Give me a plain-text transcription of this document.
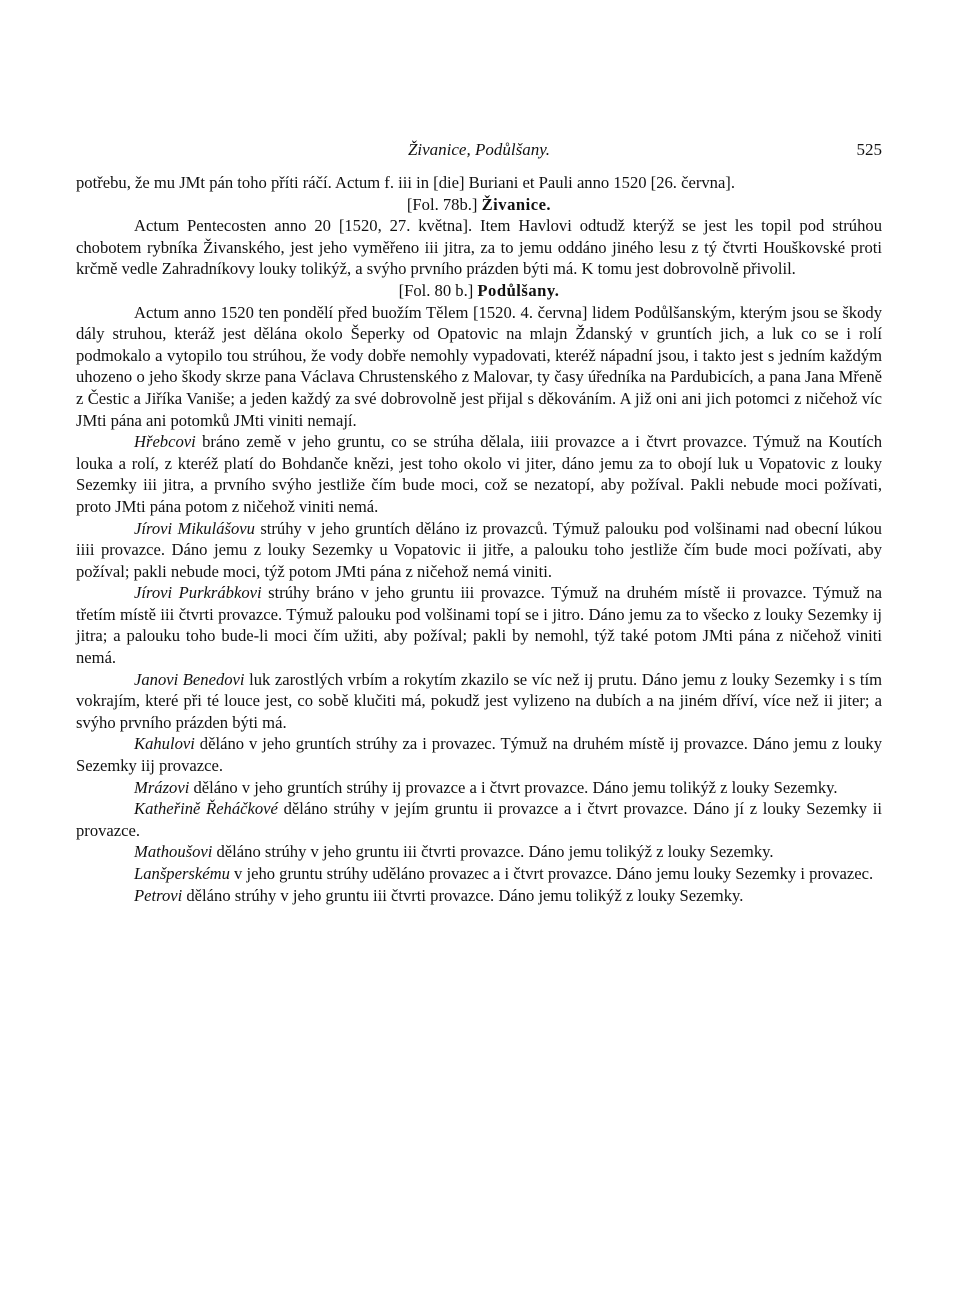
Živanice, Podůlšany.	525

potřebu, že mu JMt pán toho příti ráčí. Actum f. iii in [die] Buriani et Pauli anno 1520 [26. června].

[Fol. 78b.] Živanice.

Actum Pentecosten anno 20 [1520, 27. května]. Item Havlovi odtudž kterýž se jest les topil pod strúhou chobotem rybníka Živanského, jest jeho vyměřeno iii jitra, za to jemu oddáno jiného lesu z tý čtvrti Houškovské proti krčmě vedle Zahradníkovy louky tolikýž, a svýho prvního prázden býti má. K tomu jest dobrovolně přivolil.

[Fol. 80 b.] Podůlšany.

Actum anno 1520 ten pondělí před buožím Tělem [1520. 4. června] lidem Podůlšanským, kterým jsou se škody dály struhou, kteráž jest dělána okolo Šeperky od Opatovic na mlajn Ždanský v gruntích jich, a luk co se i rolí podmokalo a vytopilo tou strúhou, že vody dobře nemohly vypadovati, kteréž nápadní jsou, i takto jest s jedním každým uhozeno o jeho škody skrze pana Václava Chrustenského z Malovar, ty časy úředníka na Pardubicích, a pana Jana Mřeně z Čestic a Jiříka Vaniše; a jeden každý za své dobrovolně jest přijal s děkováním. A již oni ani jich potomci z ničehož víc JMti pána ani potomků JMti viniti nemají.

Hřebcovi bráno země v jeho gruntu, co se strúha dělala, iiii provazce a i čtvrt provazce. Týmuž na Koutích louka a rolí, z kteréž platí do Bohdanče knězi, jest toho okolo vi jiter, dáno jemu za to obojí luk u Vopatovic z louky Sezemky iii jitra, a prvního svýho jestliže čím bude moci, což se nezatopí, aby požíval. Pakli nebude moci požívati, proto JMti pána potom z ničehož viniti nemá.

Jírovi Mikulášovu strúhy v jeho gruntích děláno iz provazců. Týmuž palouku pod volšinami nad obecní lúkou iiii provazce. Dáno jemu z louky Sezemky u Vopatovic ii jitře, a palouku toho jestliže čím bude moci požívati, aby požíval; pakli nebude moci, týž potom JMti pána z ničehož nemá viniti.

Jírovi Purkrábkovi strúhy bráno v jeho gruntu iii provazce. Týmuž na druhém místě ii provazce. Týmuž na třetím místě iii čtvrti provazce. Týmuž palouku pod volšinami topí se i jitro. Dáno jemu za to všecko z louky Sezemky ij jitra; a palouku toho bude-li moci čím užiti, aby požíval; pakli by nemohl, týž také potom JMti pána z ničehož viniti nemá.

Janovi Benedovi luk zarostlých vrbím a rokytím zkazilo se víc než ij prutu. Dáno jemu z louky Sezemky i s tím vokrajím, které při té louce jest, co sobě klučiti má, pokudž jest vylizeno na dubích a na jiném dříví, více než ii jiter; a svýho prvního prázden býti má.

Kahulovi děláno v jeho gruntích strúhy za i provazec. Týmuž na druhém místě ij provazce. Dáno jemu z louky Sezemky iij provazce.

Mrázovi děláno v jeho gruntích strúhy ij provazce a i čtvrt provazce. Dáno jemu tolikýž z louky Sezemky.

Katheřině Řeháčkové děláno strúhy v jejím gruntu ii provazce a i čtvrt provazce. Dáno jí z louky Sezemky ii provazce.

Mathoušovi děláno strúhy v jeho gruntu iii čtvrti provazce. Dáno jemu tolikýž z louky Sezemky.

Lanšperskému v jeho gruntu strúhy uděláno provazec a i čtvrt provazce. Dáno jemu louky Sezemky i provazec.

Petrovi děláno strúhy v jeho gruntu iii čtvrti provazce. Dáno jemu tolikýž z louky Sezemky.
